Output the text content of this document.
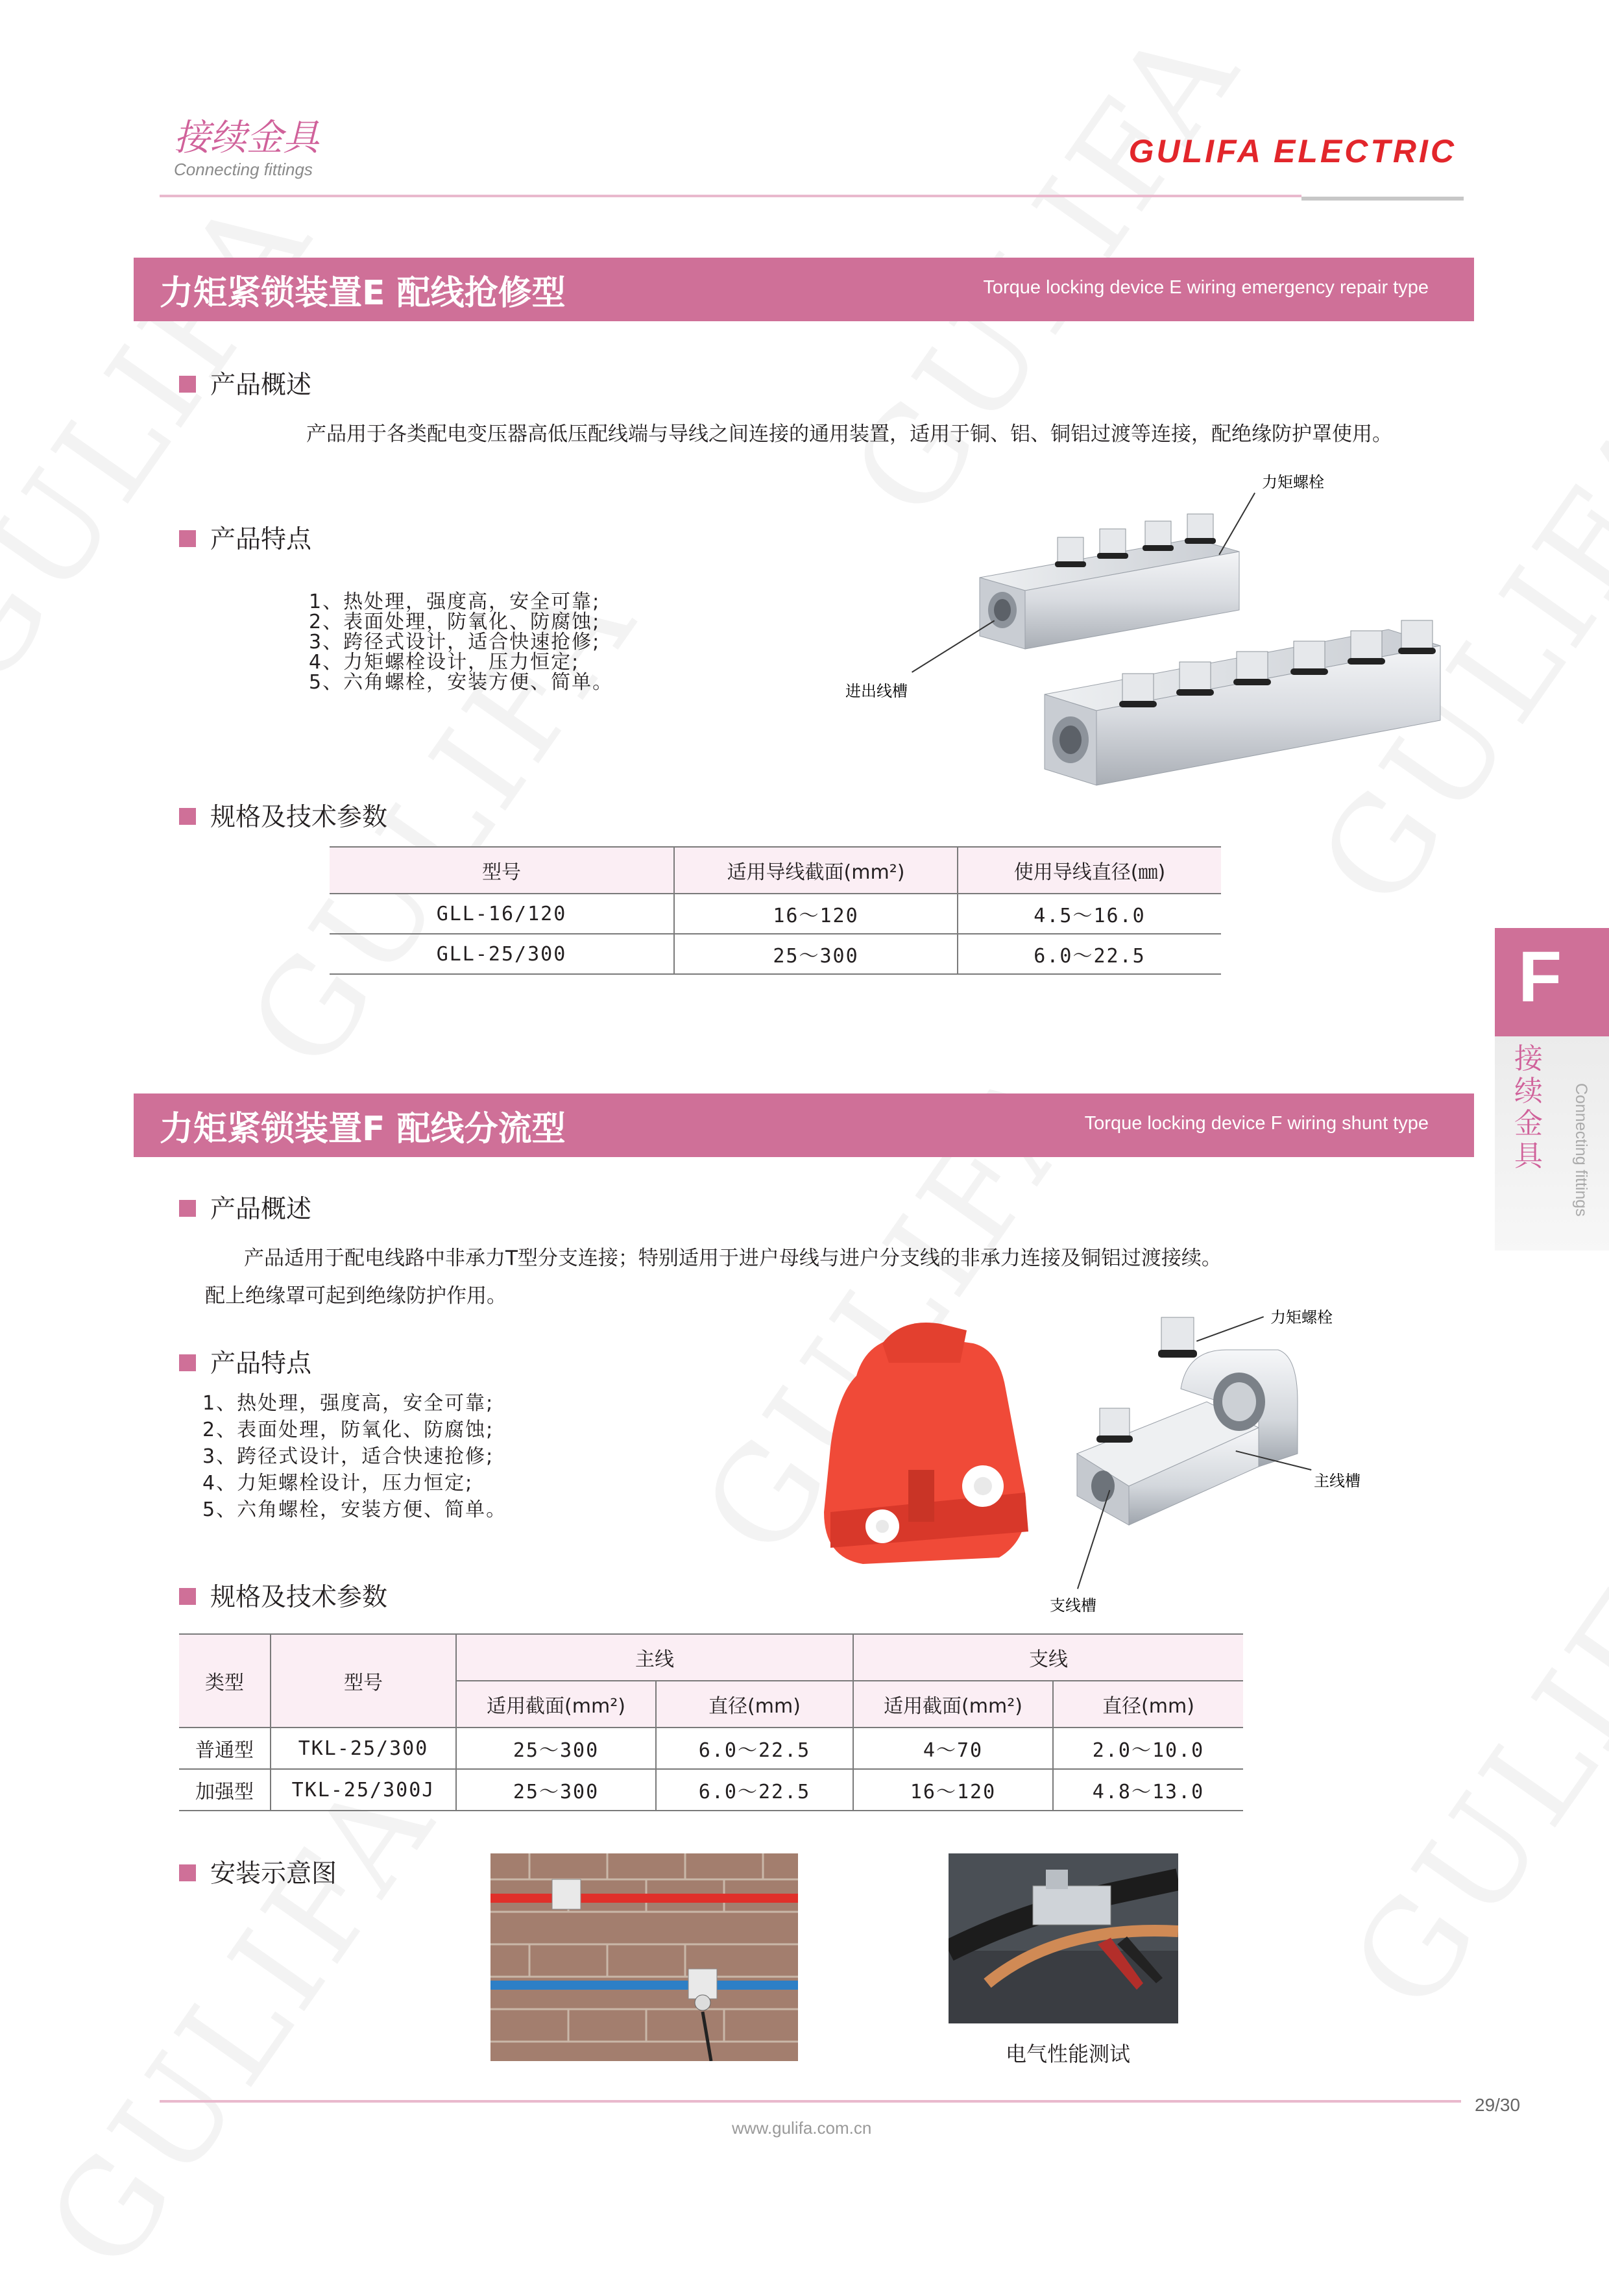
接续金具
Connecting fittings	GULIFA ELECTRIC
F
接续金具 Connecting fittings
力矩紧锁装置E 配线抢修型	Torque locking device E wiring emergency repair type
产品概述
产品用于各类配电变压器高低压配线端与导线之间连接的通用装置，适用于铜、铝、铜铝过渡等连接，配绝缘防护罩使用。
产品特点
1、热处理，强度高，安全可靠;
2、表面处理，防氧化、防腐蚀;
3、跨径式设计，适合快速抢修;
4、力矩螺栓设计，压力恒定;
5、六角螺栓，安装方便、简单。
力矩螺栓
进出线槽
规格及技术参数
型号	适用导线截面(mm²)	使用导线直径(㎜)
GLL-16/120	16～120	4.5～16.0
GLL-25/300	25～300	6.0～22.5
力矩紧锁装置F 配线分流型	Torque locking device F wiring shunt type
产品概述
产品适用于配电线路中非承力T型分支连接；特别适用于进户母线与进户分支线的非承力连接及铜铝过渡接续。
配上绝缘罩可起到绝缘防护作用。
产品特点
1、热处理，强度高，安全可靠;
2、表面处理，防氧化、防腐蚀;
3、跨径式设计，适合快速抢修;
4、力矩螺栓设计，压力恒定;
5、六角螺栓，安装方便、简单。
力矩螺栓
主线槽
支线槽
规格及技术参数
类型	型号	主线		支线	
		适用截面(mm²)	直径(mm)	适用截面(mm²)	直径(mm)
普通型	TKL-25/300	25～300	6.0～22.5	4～70	2.0～10.0
加强型	TKL-25/300J	25～300	6.0～22.5	16～120	4.8～13.0
安装示意图
电气性能测试
www.gulifa.com.cn
29/30
